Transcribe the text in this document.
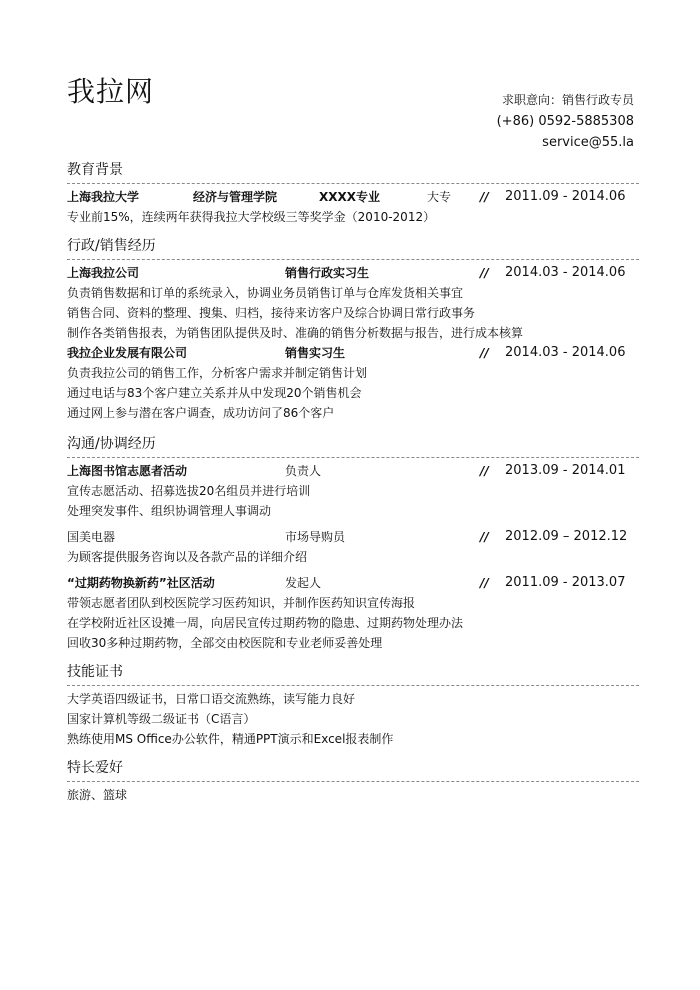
我拉网	求职意向：销售行政专员
(+86) 0592-5885308
service@55.la
教育背景
上海我拉大学	经济与管理学院	XXXX专业	大专 // 2011.09 - 2014.06
专业前15%，连续两年获得我拉大学校级三等奖学金（2010-2012）
行政/销售经历
上海我拉公司	销售行政实习生	// 2014.03 - 2014.06
负责销售数据和订单的系统录入，协调业务员销售订单与仓库发货相关事宜
销售合同、资料的整理、搜集、归档，接待来访客户及综合协调日常行政事务
制作各类销售报表，为销售团队提供及时、准确的销售分析数据与报告，进行成本核算
我拉企业发展有限公司	销售实习生	// 2014.03 - 2014.06
负责我拉公司的销售工作，分析客户需求并制定销售计划
通过电话与83个客户建立关系并从中发现20个销售机会
通过网上参与潜在客户调查，成功访问了86个客户
沟通/协调经历
上海图书馆志愿者活动	负责人	// 2013.09 - 2014.01
宣传志愿活动、招募选拔20名组员并进行培训
处理突发事件、组织协调管理人事调动
国美电器	市场导购员	// 2012.09 – 2012.12
为顾客提供服务咨询以及各款产品的详细介绍
“过期药物换新药”社区活动	发起人	// 2011.09 - 2013.07
带领志愿者团队到校医院学习医药知识，并制作医药知识宣传海报
在学校附近社区设摊一周，向居民宣传过期药物的隐患、过期药物处理办法
回收30多种过期药物，全部交由校医院和专业老师妥善处理
技能证书
大学英语四级证书，日常口语交流熟练，读写能力良好
国家计算机等级二级证书（C语言）
熟练使用MS Office办公软件，精通PPT演示和Excel报表制作
特长爱好
旅游、篮球
